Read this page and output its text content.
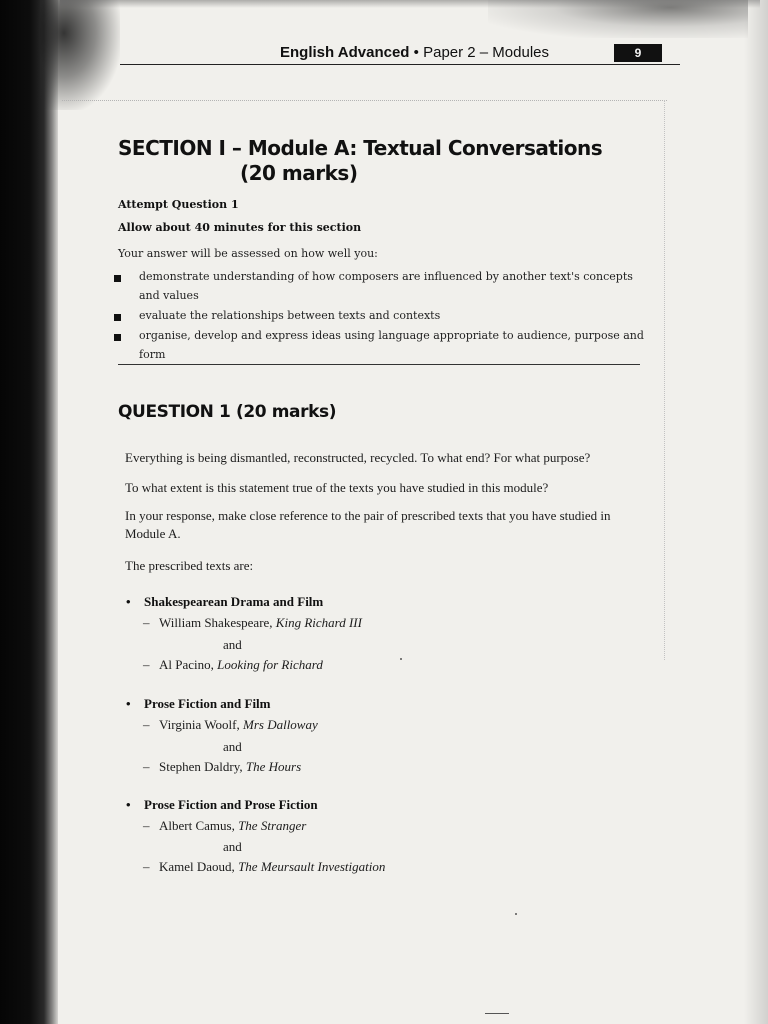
English Advanced • Paper 2 – Modules	9
SECTION I – Module A: Textual Conversations
(20 marks)
Attempt Question 1
Allow about 40 minutes for this section
Your answer will be assessed on how well you:
demonstrate understanding of how composers are influenced by another text's concepts and values
evaluate the relationships between texts and contexts
organise, develop and express ideas using language appropriate to audience, purpose and form
QUESTION 1 (20 marks)
Everything is being dismantled, reconstructed, recycled. To what end? For what purpose?
To what extent is this statement true of the texts you have studied in this module?
In your response, make close reference to the pair of prescribed texts that you have studied in Module A.
The prescribed texts are:
• Shakespearean Drama and Film
– William Shakespeare, King Richard III
and
– Al Pacino, Looking for Richard
• Prose Fiction and Film
– Virginia Woolf, Mrs Dalloway
and
– Stephen Daldry, The Hours
• Prose Fiction and Prose Fiction
– Albert Camus, The Stranger
and
– Kamel Daoud, The Meursault Investigation
